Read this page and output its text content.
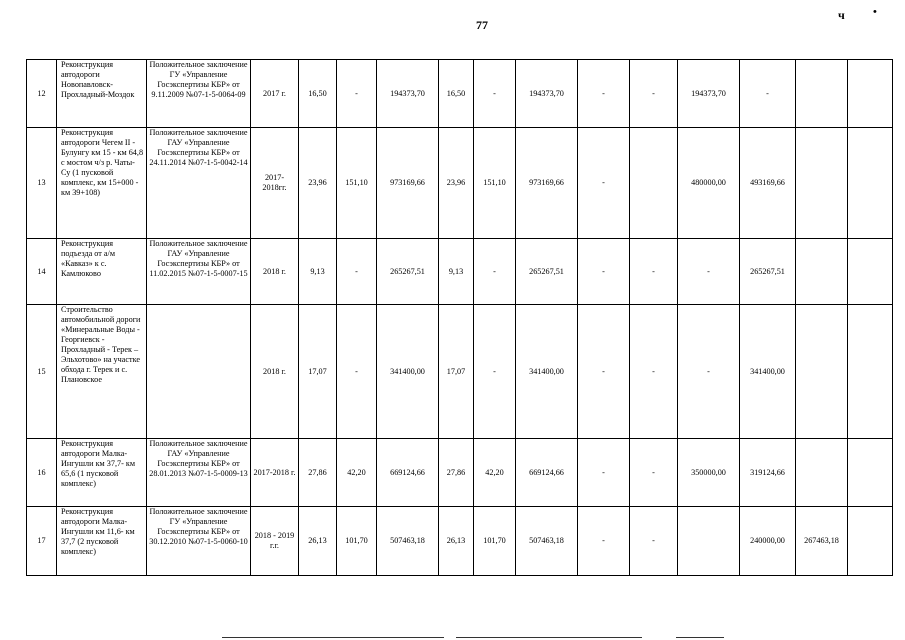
77
ч	•
12	Реконструкция автодороги Новопавловск-Прохладный-Моздок	Положительное заключение ГУ «Управление Госэкспертизы КБР» от 9.11.2009 №07-1-5-0064-09	2017 г.	16,50	-	194373,70	16,50	-	194373,70	-	-	194373,70	-		
13	Реконструкция автодороги Чегем II - Булунгу км 15 - км 64,8 с мостом ч/з р. Чаты-Су (1 пусковой комплекс, км 15+000 - км 39+108)	Положительное заключение ГАУ «Управление Госэкспертизы КБР» от 24.11.2014 №07-1-5-0042-14	2017-2018гг.	23,96	151,10	973169,66	23,96	151,10	973169,66	-		480000,00	493169,66		
14	Реконструкция подъезда от а/м «Кавказ» к с. Камлюково	Положительное заключение ГАУ «Управление Госэкспертизы КБР» от 11.02.2015 №07-1-5-0007-15	2018 г.	9,13	-	265267,51	9,13	-	265267,51	-	-	-	265267,51		
15	Строительство автомобильной дороги «Минеральные Воды - Георгиевск - Прохладный - Терек – Эльхотово» на участке обхода г. Терек и с. Плановское		2018 г.	17,07	-	341400,00	17,07	-	341400,00	-	-	-	341400,00		
16	Реконструкция автодороги Малка-Ингушли км 37,7- км 65,6 (1 пусковой комплекс)	Положительное заключение ГАУ «Управление Госэкспертизы КБР» от 28.01.2013 №07-1-5-0009-13	2017-2018 г.	27,86	42,20	669124,66	27,86	42,20	669124,66	-	-	350000,00	319124,66		
17	Реконструкция автодороги Малка-Ингушли км 11,6- км 37,7 (2 пусковой комплекс)	Положительное заключение ГУ «Управление Госэкспертизы КБР» от 30.12.2010 №07-1-5-0060-10	2018 - 2019 г.г.	26,13	101,70	507463,18	26,13	101,70	507463,18	-	-		240000,00	267463,18	
